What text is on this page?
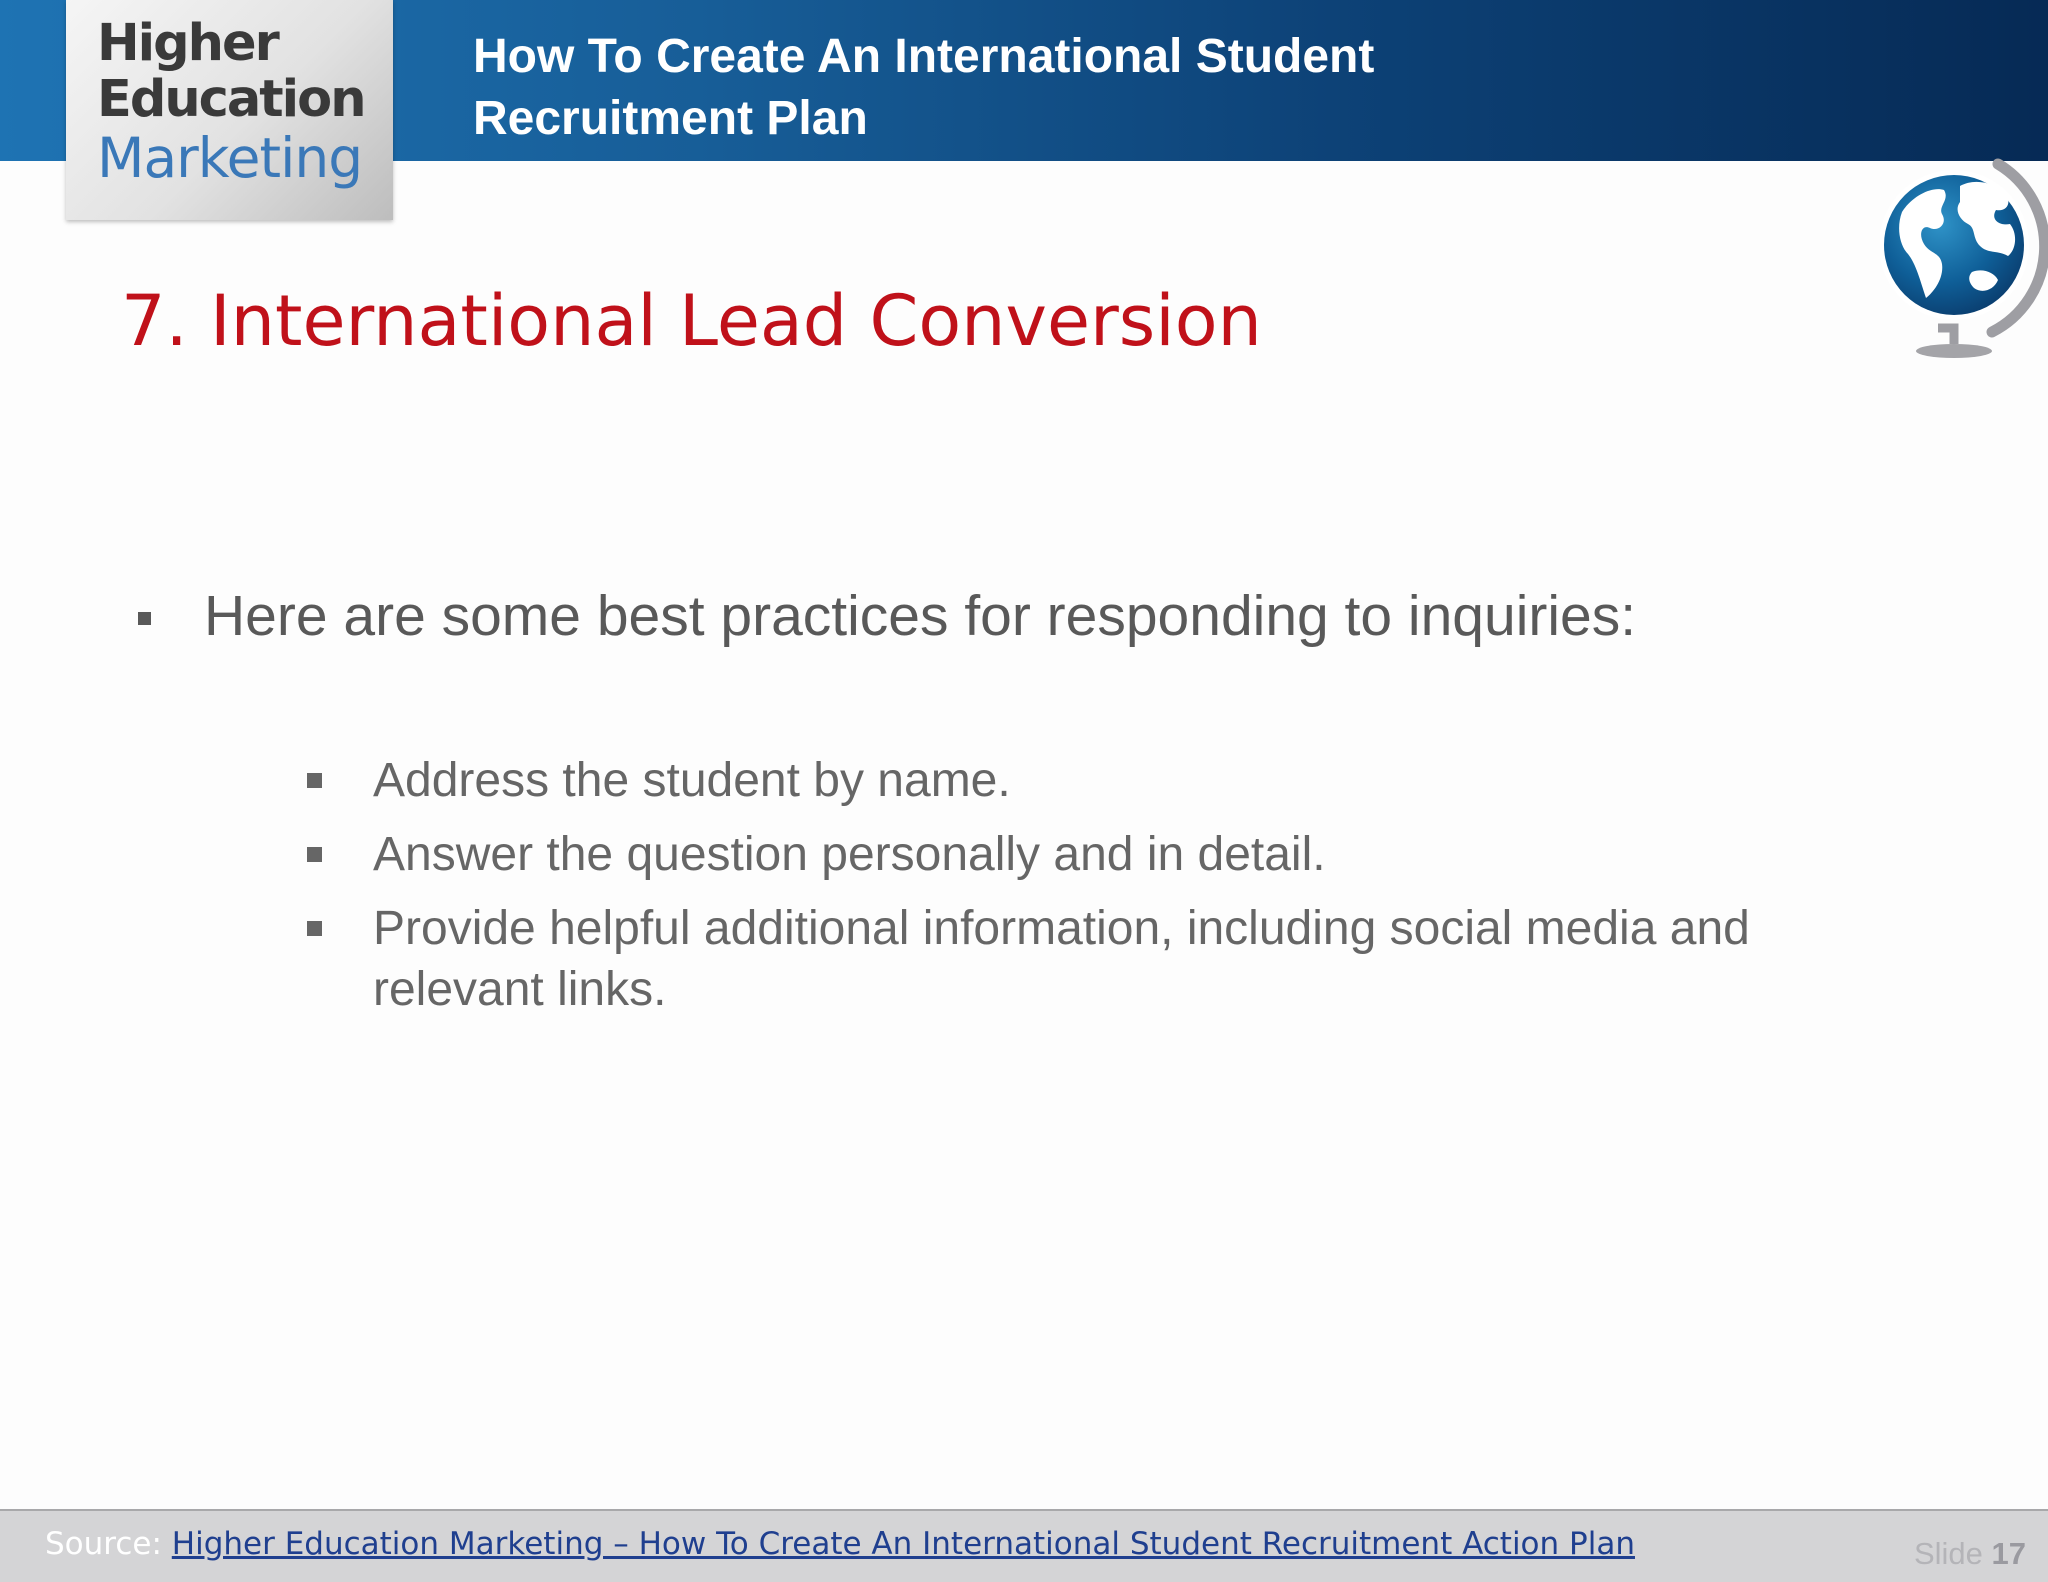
Higher
Education
Marketing
How To Create An International Student
Recruitment Plan
7. International Lead Conversion
Here are some best practices for responding to inquiries:
Address the student by name.
Answer the question personally and in detail.
Provide helpful additional information, including social media and relevant links.
Source: Higher Education Marketing – How To Create An International Student Recruitment Action Plan	Slide 17
